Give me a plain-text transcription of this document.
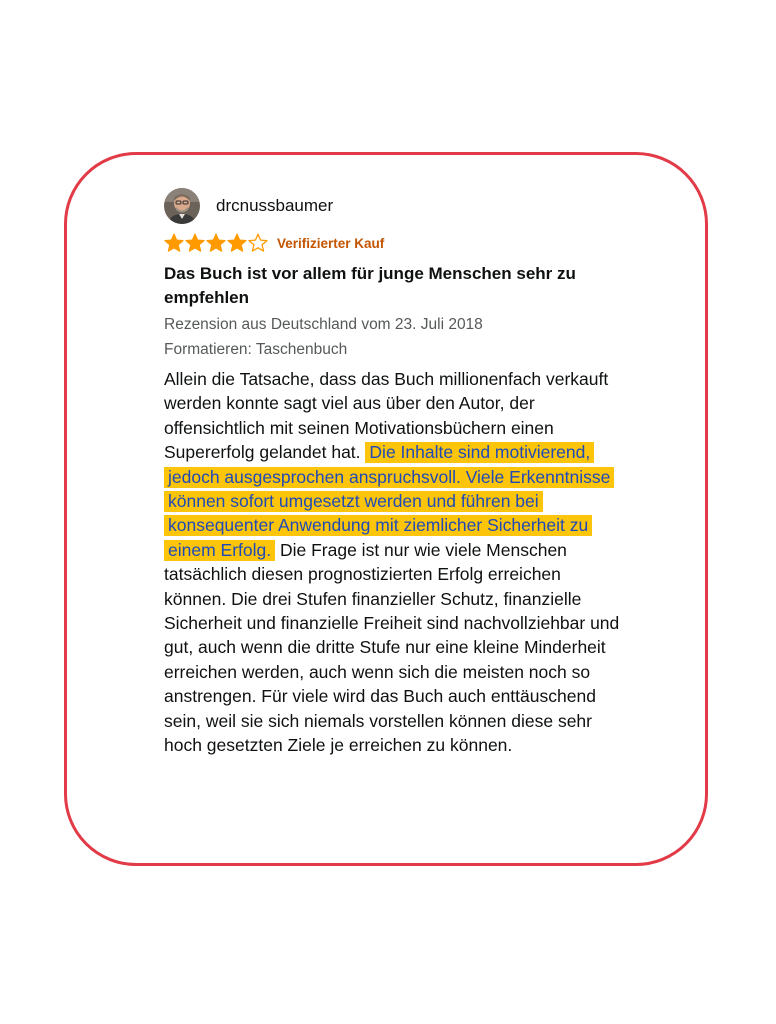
drcnussbaumer
Verifizierter Kauf
Das Buch ist vor allem für junge Menschen sehr zu empfehlen
Rezension aus Deutschland vom 23. Juli 2018
Formatieren: Taschenbuch
Allein die Tatsache, dass das Buch millionenfach verkauft werden konnte sagt viel aus über den Autor, der offensichtlich mit seinen Motivationsbüchern einen Supererfolg gelandet hat. Die Inhalte sind motivierend, jedoch ausgesprochen anspruchsvoll. Viele Erkenntnisse können sofort umgesetzt werden und führen bei konsequenter Anwendung mit ziemlicher Sicherheit zu einem Erfolg. Die Frage ist nur wie viele Menschen tatsächlich diesen prognostizierten Erfolg erreichen können. Die drei Stufen finanzieller Schutz, finanzielle Sicherheit und finanzielle Freiheit sind nachvollziehbar und gut, auch wenn die dritte Stufe nur eine kleine Minderheit erreichen werden, auch wenn sich die meisten noch so anstrengen. Für viele wird das Buch auch enttäuschend sein, weil sie sich niemals vorstellen können diese sehr hoch gesetzten Ziele je erreichen zu können.
